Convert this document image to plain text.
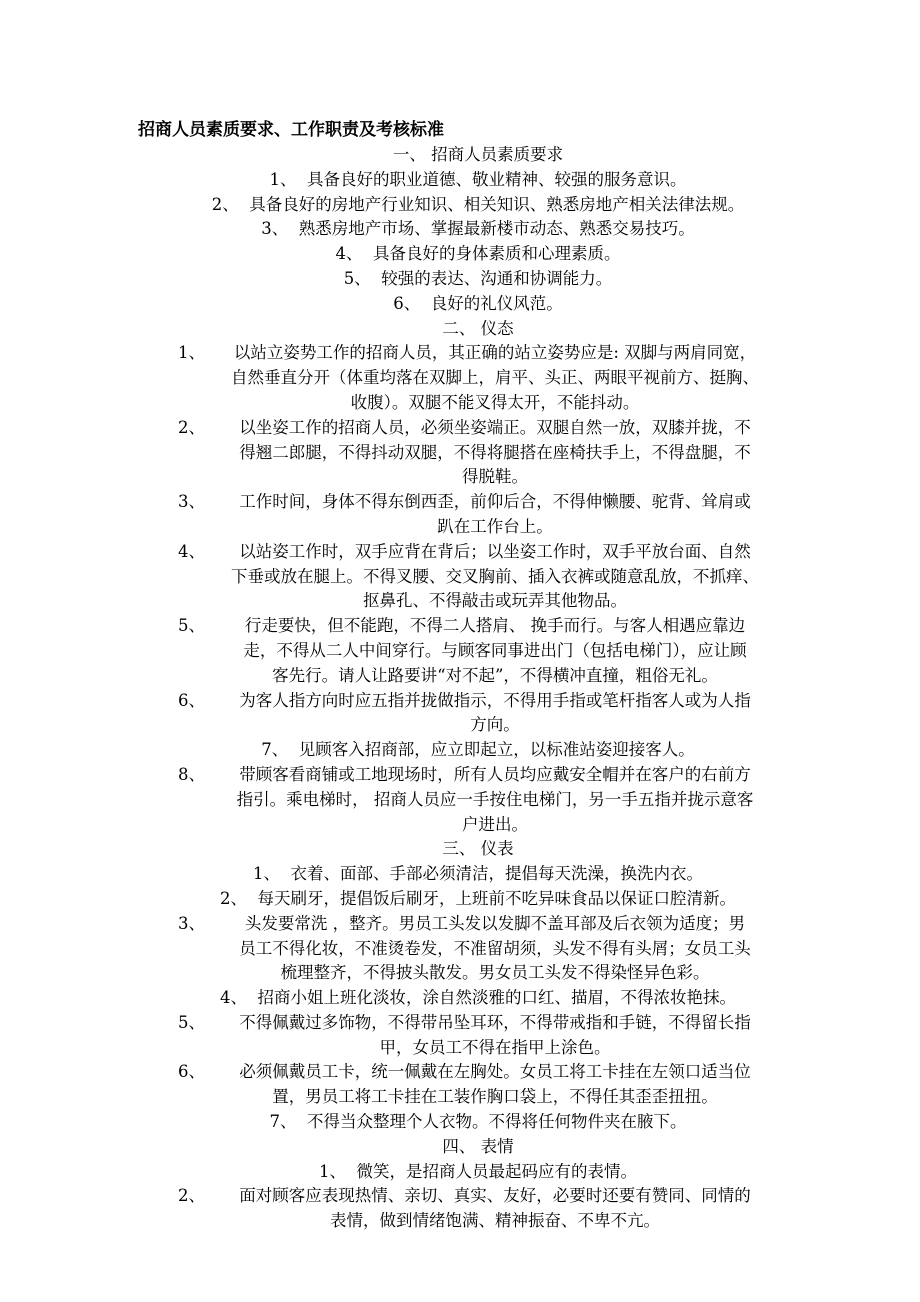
招商人员素质要求、工作职责及考核标准
一、 招商人员素质要求
1、 具备良好的职业道德、敬业精神、较强的服务意识。
2、 具备良好的房地产行业知识、相关知识、熟悉房地产相关法律法规。
3、 熟悉房地产市场、掌握最新楼市动态、熟悉交易技巧。
4、 具备良好的身体素质和心理素质。
5、 较强的表达、沟通和协调能力。
6、 良好的礼仪风范。
二、 仪态
1、	以站立姿势工作的招商人员，其正确的站立姿势应是: 双脚与两肩同宽，
自然垂直分开（体重均落在双脚上，肩平、头正、两眼平视前方、挺胸、
收腹）。双腿不能叉得太开，不能抖动。
2、	以坐姿工作的招商人员，必须坐姿端正。双腿自然一放，双膝并拢，不
得翘二郎腿，不得抖动双腿，不得将腿搭在座椅扶手上，不得盘腿，不
得脱鞋。
3、	工作时间，身体不得东倒西歪，前仰后合，不得伸懒腰、驼背、耸肩或
趴在工作台上。
4、	以站姿工作时，双手应背在背后；以坐姿工作时，双手平放台面、自然
下垂或放在腿上。不得叉腰、交叉胸前、插入衣裤或随意乱放，不抓痒、
抠鼻孔、不得敲击或玩弄其他物品。
5、	行走要快，但不能跑，不得二人搭肩、 挽手而行。与客人相遇应靠边
走，不得从二人中间穿行。与顾客同事进出门（包括电梯门），应让顾
客先行。请人让路要讲“对不起”，不得横冲直撞，粗俗无礼。
6、	为客人指方向时应五指并拢做指示，不得用手指或笔杆指客人或为人指
方向。
7、 见顾客入招商部，应立即起立，以标准站姿迎接客人。
8、	带顾客看商铺或工地现场时，所有人员均应戴安全帽并在客户的右前方
指引。乘电梯时， 招商人员应一手按住电梯门，另一手五指并拢示意客
户进出。
三、 仪表
1、 衣着、面部、手部必须清洁，提倡每天洗澡，换洗内衣。
2、 每天刷牙，提倡饭后刷牙，上班前不吃异味食品以保证口腔清新。
3、	头发要常洗 ，整齐。男员工头发以发脚不盖耳部及后衣领为适度；男
员工不得化妆，不准烫卷发，不准留胡须，头发不得有头屑；女员工头
梳理整齐，不得披头散发。男女员工头发不得染怪异色彩。
4、 招商小姐上班化淡妆，涂自然淡雅的口红、描眉，不得浓妆艳抹。
5、	不得佩戴过多饰物，不得带吊坠耳环，不得带戒指和手链，不得留长指
甲，女员工不得在指甲上涂色。
6、	必须佩戴员工卡，统一佩戴在左胸处。女员工将工卡挂在左领口适当位
置，男员工将工卡挂在工装作胸口袋上，不得任其歪歪扭扭。
7、 不得当众整理个人衣物。不得将任何物件夹在腋下。
四、 表情
1、 微笑，是招商人员最起码应有的表情。
2、	面对顾客应表现热情、亲切、真实、友好，必要时还要有赞同、同情的
表情，做到情绪饱满、精神振奋、不卑不亢。
